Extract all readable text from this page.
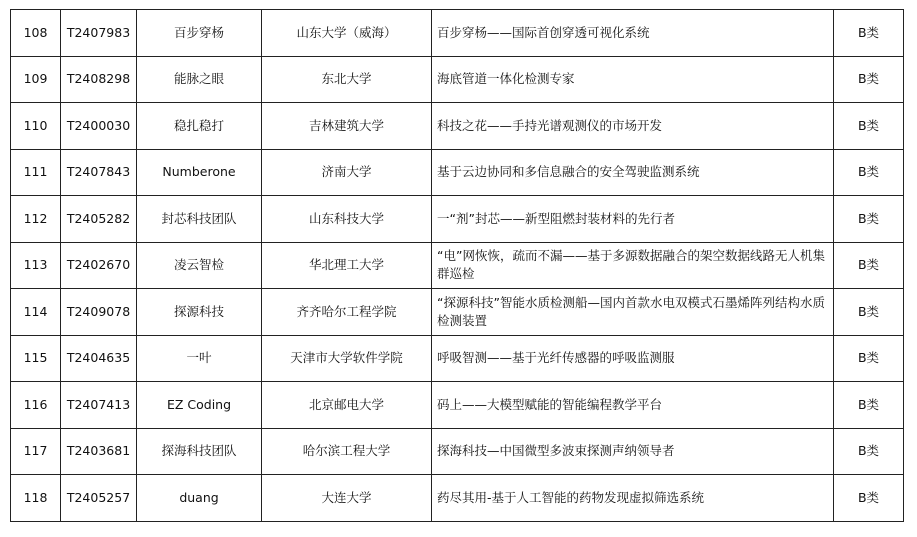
108	T2407983	百步穿杨	山东大学（威海）	百步穿杨——国际首创穿透可视化系统	B类
109	T2408298	能脉之眼	东北大学	海底管道一体化检测专家	B类
110	T2400030	稳扎稳打	吉林建筑大学	科技之花——手持光谱观测仪的市场开发	B类
111	T2407843	Numberone	济南大学	基于云边协同和多信息融合的安全驾驶监测系统	B类
112	T2405282	封芯科技团队	山东科技大学	一“剂”封芯——新型阻燃封装材料的先行者	B类
113	T2402670	凌云智检	华北理工大学	“电”网恢恢，疏而不漏——基于多源数据融合的架空数据线路无人机集群巡检	B类
114	T2409078	探源科技	齐齐哈尔工程学院	“探源科技”智能水质检测船—国内首款水电双模式石墨烯阵列结构水质检测装置	B类
115	T2404635	一叶	天津市大学软件学院	呼吸智测——基于光纤传感器的呼吸监测服	B类
116	T2407413	EZ Coding	北京邮电大学	码上——大模型赋能的智能编程教学平台	B类
117	T2403681	探海科技团队	哈尔滨工程大学	探海科技—中国微型多波束探测声纳领导者	B类
118	T2405257	duang	大连大学	药尽其用-基于人工智能的药物发现虚拟筛选系统	B类
